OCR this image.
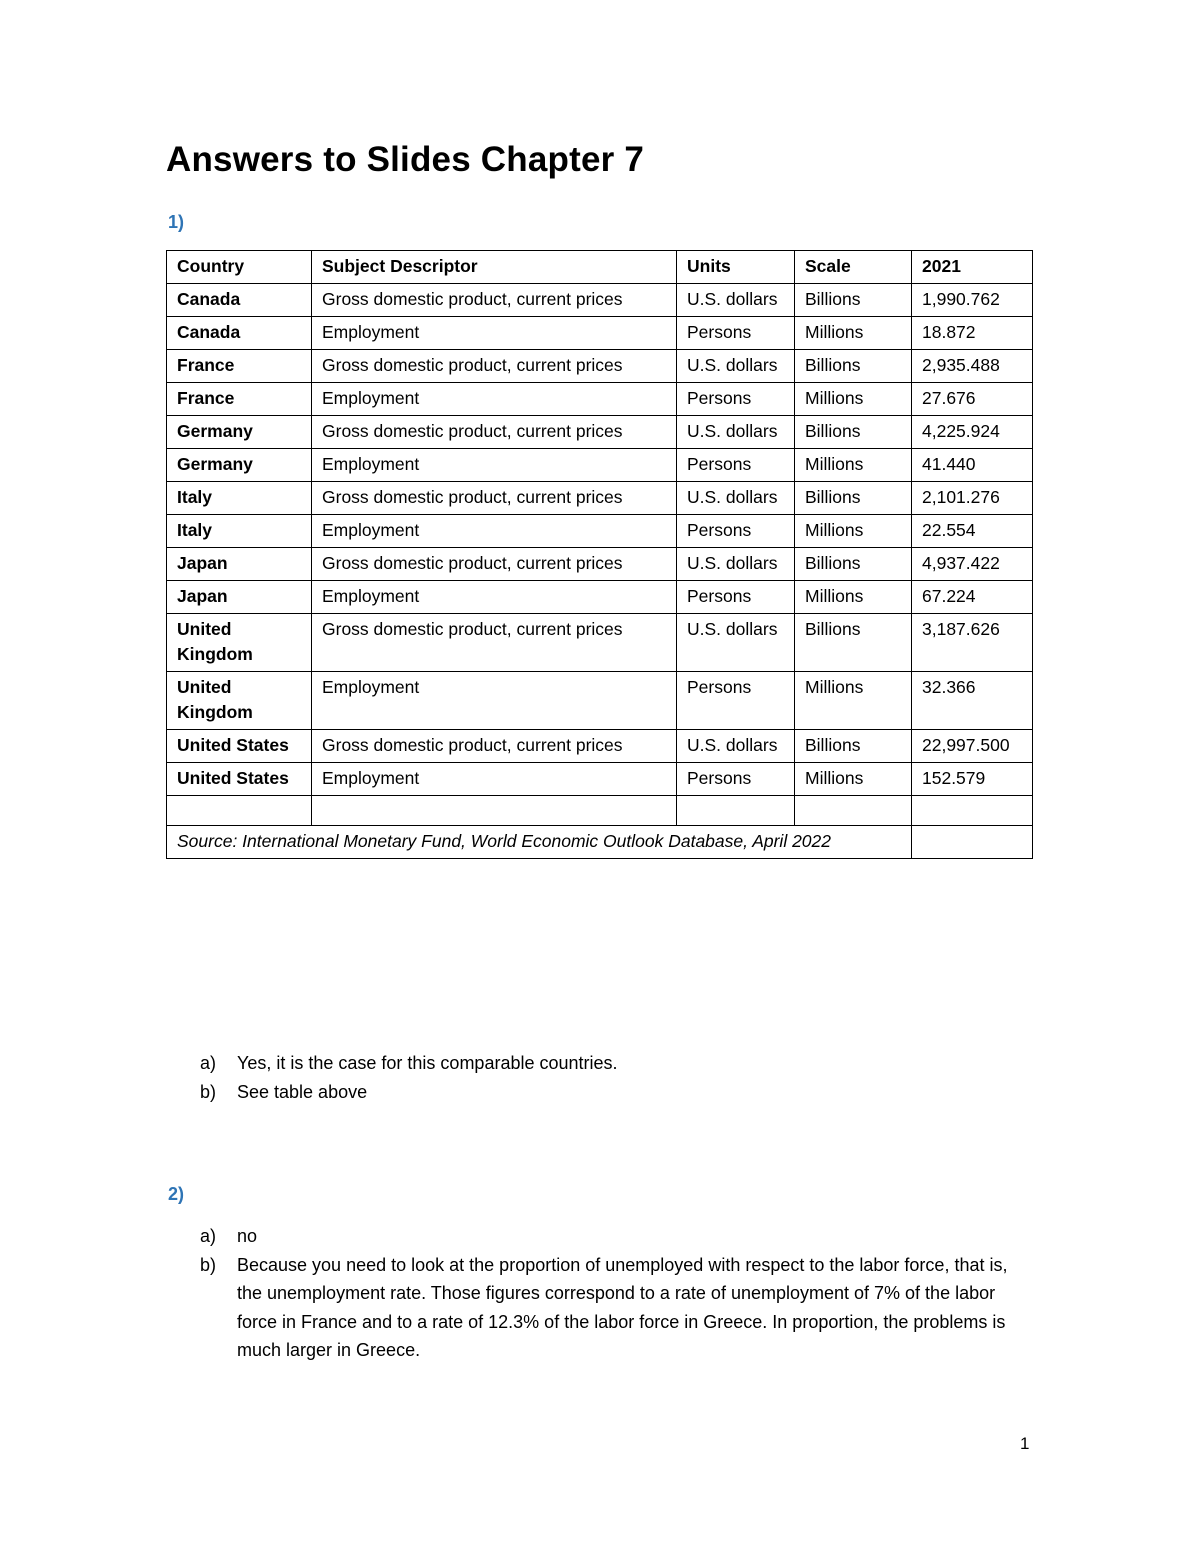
Answers to Slides Chapter 7

1)

Country	Subject Descriptor	Units	Scale	2021
Canada	Gross domestic product, current prices	U.S. dollars	Billions	1,990.762
Canada	Employment	Persons	Millions	18.872
France	Gross domestic product, current prices	U.S. dollars	Billions	2,935.488
France	Employment	Persons	Millions	27.676
Germany	Gross domestic product, current prices	U.S. dollars	Billions	4,225.924
Germany	Employment	Persons	Millions	41.440
Italy	Gross domestic product, current prices	U.S. dollars	Billions	2,101.276
Italy	Employment	Persons	Millions	22.554
Japan	Gross domestic product, current prices	U.S. dollars	Billions	4,937.422
Japan	Employment	Persons	Millions	67.224
United Kingdom	Gross domestic product, current prices	U.S. dollars	Billions	3,187.626
United Kingdom	Employment	Persons	Millions	32.366
United States	Gross domestic product, current prices	U.S. dollars	Billions	22,997.500
United States	Employment	Persons	Millions	152.579

Source: International Monetary Fund, World Economic Outlook Database, April 2022				
a) Yes, it is the case for this comparable countries.
b) See table above

2)

a) no
b) Because you need to look at the proportion of unemployed with respect to the labor force, that is, the unemployment rate. Those figures correspond to a rate of unemployment of 7% of the labor force in France and to a rate of 12.3% of the labor force in Greece. In proportion, the problems is much larger in Greece.
1
